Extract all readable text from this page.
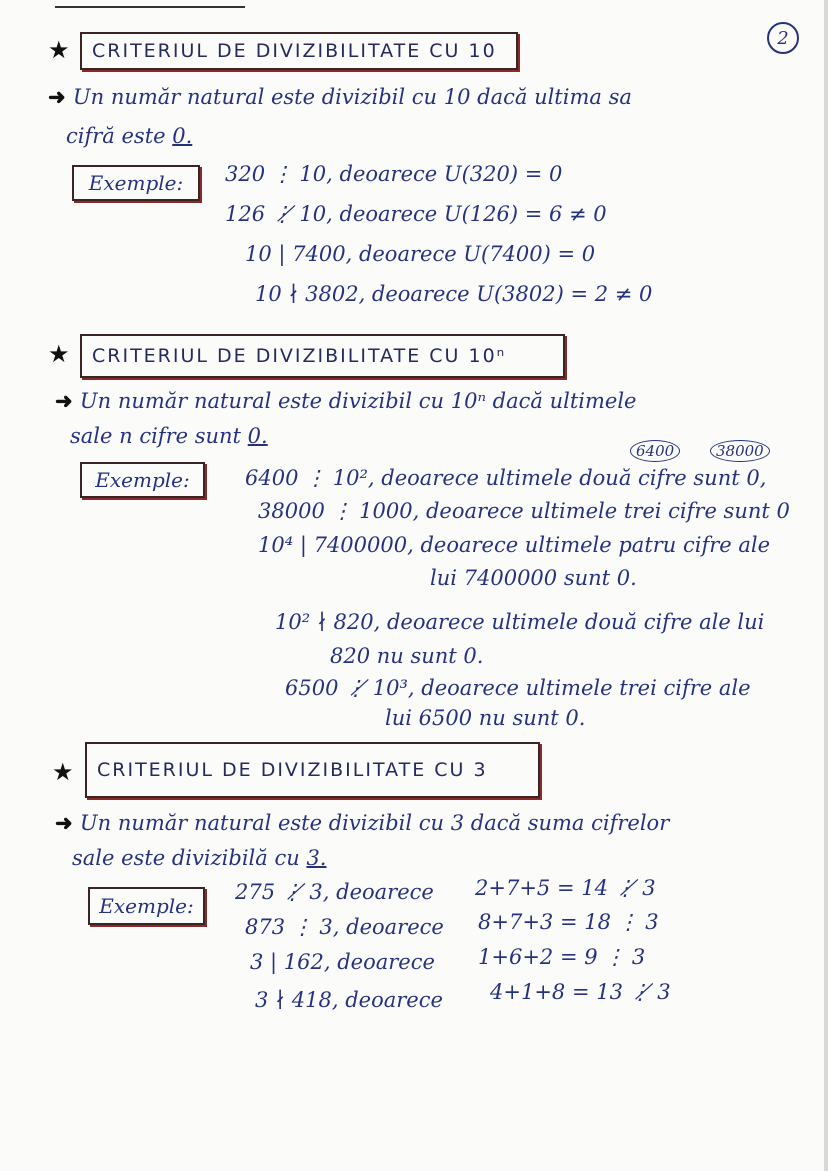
2
★	CRITERIUL DE DIVIZIBILITATE CU 10
➜ Un număr natural este divizibil cu 10 dacă ultima sa
cifră este 0.
Exemple:	320 ⋮ 10, deoarece U(320) = 0
126 ⋮̸ 10, deoarece U(126) = 6 ≠ 0
10 | 7400, deoarece U(7400) = 0
10 ∤ 3802, deoarece U(3802) = 2 ≠ 0
★	CRITERIUL DE DIVIZIBILITATE CU 10ⁿ
➜ Un număr natural este divizibil cu 10ⁿ dacă ultimele
sale n cifre sunt 0.
Exemple:
6400	38000
6400 ⋮ 10², deoarece ultimele două cifre sunt 0,
38000 ⋮ 1000, deoarece ultimele trei cifre sunt 0
10⁴ | 7400000, deoarece ultimele patru cifre ale
lui 7400000 sunt 0.
10² ∤ 820, deoarece ultimele două cifre ale lui
820 nu sunt 0.
6500 ⋮̸ 10³, deoarece ultimele trei cifre ale
lui 6500 nu sunt 0.
★	CRITERIUL DE DIVIZIBILITATE CU 3
➜ Un număr natural este divizibil cu 3 dacă suma cifrelor
sale este divizibilă cu 3.
Exemple:
275 ⋮̸ 3, deoarece 2+7+5 = 14 ⋮̸ 3
873 ⋮ 3, deoarece 8+7+3 = 18 ⋮ 3
3 | 162, deoarece 1+6+2 = 9 ⋮ 3
3 ∤ 418, deoarece 4+1+8 = 13 ⋮̸ 3
